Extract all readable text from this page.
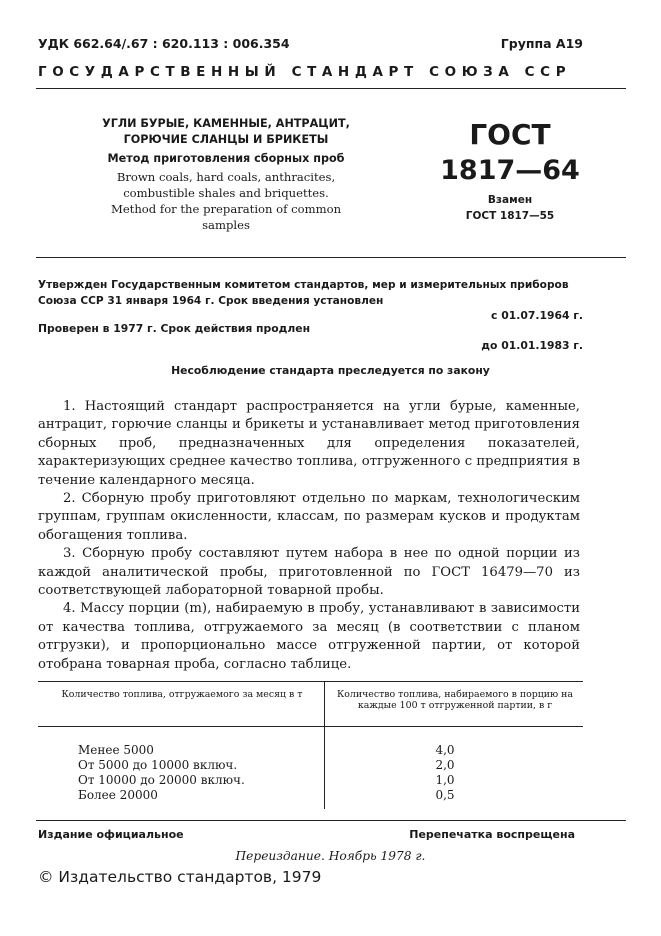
УДК 662.64/.67 : 620.113 : 006.354	Группа А19
ГОСУДАРСТВЕННЫЙ СТАНДАРТ СОЮЗА ССР
УГЛИ БУРЫЕ, КАМЕННЫЕ, АНТРАЦИТ,
ГОРЮЧИЕ СЛАНЦЫ И БРИКЕТЫ
Метод приготовления сборных проб
Brown coals, hard coals, anthracites,
combustible shales and briquettes.
Method for the preparation of common
samples
ГОСТ
1817—64
Взамен
ГОСТ 1817—55
Утвержден Государственным комитетом стандартов, мер и измерительных приборов Союза ССР 31 января 1964 г. Срок введения установлен
с 01.07.1964 г.
Проверен в 1977 г. Срок действия продлен
до 01.01.1983 г.
Несоблюдение стандарта преследуется по закону

1. Настоящий стандарт распространяется на угли бурые, каменные, антрацит, горючие сланцы и брикеты и устанавливает метод приготовления сборных проб, предназначенных для определения показателей, характеризующих среднее качество топлива, отгруженного с предприятия в течение календарного месяца.

2. Сборную пробу приготовляют отдельно по маркам, технологическим группам, группам окисленности, классам, по размерам кусков и продуктам обогащения топлива.

3. Сборную пробу составляют путем набора в нее по одной порции из каждой аналитической пробы, приготовленной по ГОСТ 16479—70 из соответствующей лабораторной товарной пробы.

4. Массу порции (m), набираемую в пробу, устанавливают в зависимости от качества топлива, отгружаемого за месяц (в соответствии с планом отгрузки), и пропорционально массе отгруженной партии, от которой отобрана товарная проба, согласно таблице.

Количество топлива, отгружаемого за месяц в т	Количество топлива, набираемого в порцию на каждые 100 т отгруженной партии, в г
Менее 5000	4,0
От 5000 до 10000 включ.	2,0
От 10000 до 20000 включ.	1,0
Более 20000	0,5
Издание официальное	Перепечатка воспрещена
Переиздание. Ноябрь 1978 г.
© Издательство стандартов, 1979
